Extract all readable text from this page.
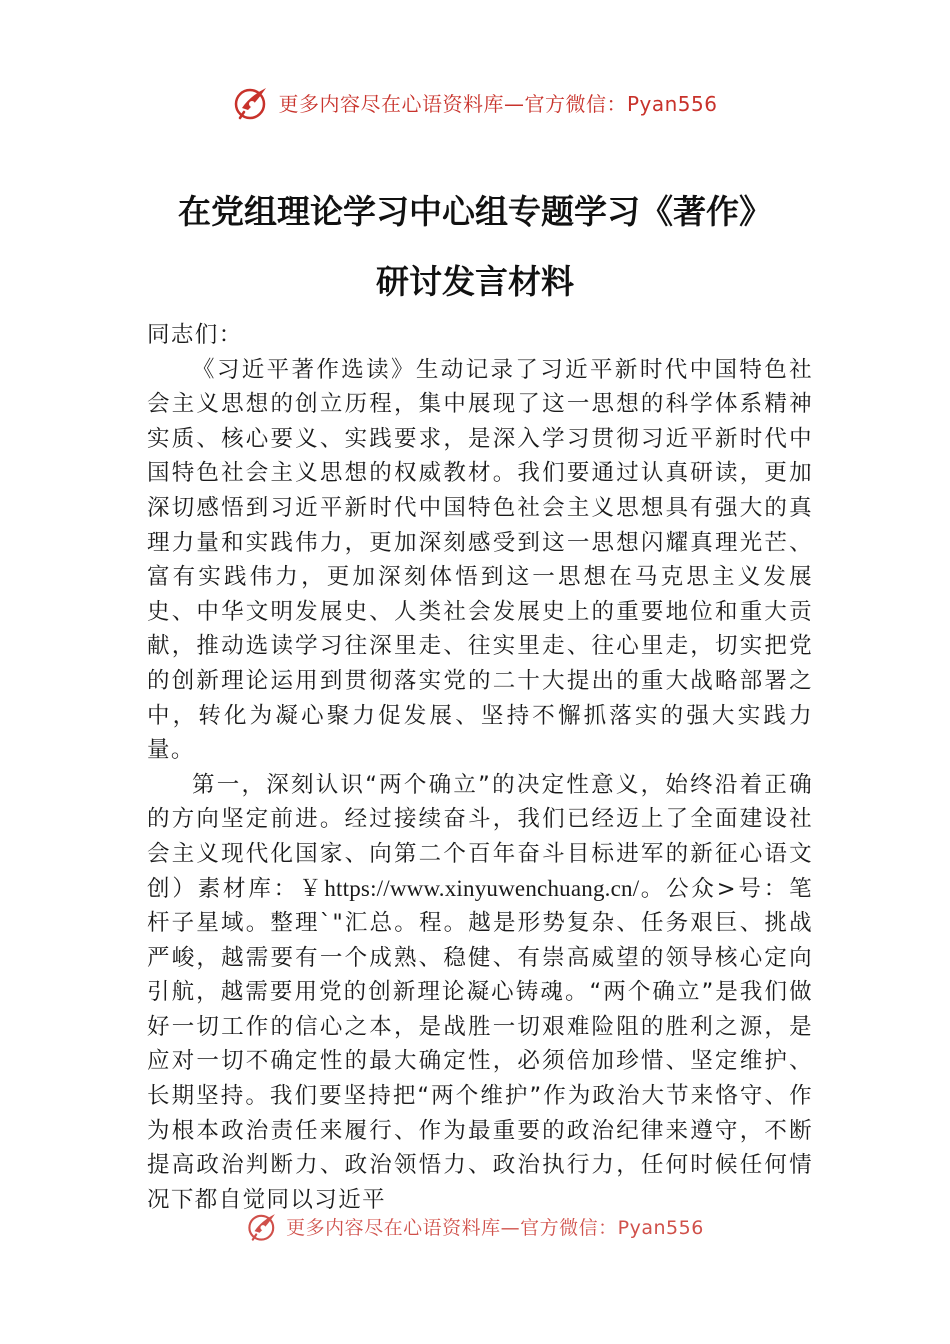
更多内容尽在心语资料库—官方微信：Pyan556
在党组理论学习中心组专题学习《著作》
研讨发言材料

同志们：

《习近平著作选读》生动记录了习近平新时代中国特色社会主义思想的创立历程，集中展现了这一思想的科学体系精神实质、核心要义、实践要求，是深入学习贯彻习近平新时代中国特色社会主义思想的权威教材。我们要通过认真研读，更加深切感悟到习近平新时代中国特色社会主义思想具有强大的真理力量和实践伟力，更加深刻感受到这一思想闪耀真理光芒、富有实践伟力，更加深刻体悟到这一思想在马克思主义发展史、中华文明发展史、人类社会发展史上的重要地位和重大贡献，推动选读学习往深里走、往实里走、往心里走，切实把党的创新理论运用到贯彻落实党的二十大提出的重大战略部署之中，转化为凝心聚力促发展、坚持不懈抓落实的强大实践力量。

第一，深刻认识“两个确立”的决定性意义，始终沿着正确的方向坚定前进。经过接续奋斗，我们已经迈上了全面建设社会主义现代化国家、向第二个百年奋斗目标进军的新征心语文创）素材库：￥https://www.xinyuwenchuang.cn/。公众>号：笔杆子星域。整理`"汇总。程。越是形势复杂、任务艰巨、挑战严峻，越需要有一个成熟、稳健、有崇高威望的领导核心定向引航，越需要用党的创新理论凝心铸魂。“两个确立”是我们做好一切工作的信心之本，是战胜一切艰难险阻的胜利之源，是应对一切不确定性的最大确定性，必须倍加珍惜、坚定维护、长期坚持。我们要坚持把“两个维护”作为政治大节来恪守、作为根本政治责任来履行、作为最重要的政治纪律来遵守，不断提高政治判断力、政治领悟力、政治执行力，任何时候任何情况下都自觉同以习近平

更多内容尽在心语资料库—官方微信：Pyan556
